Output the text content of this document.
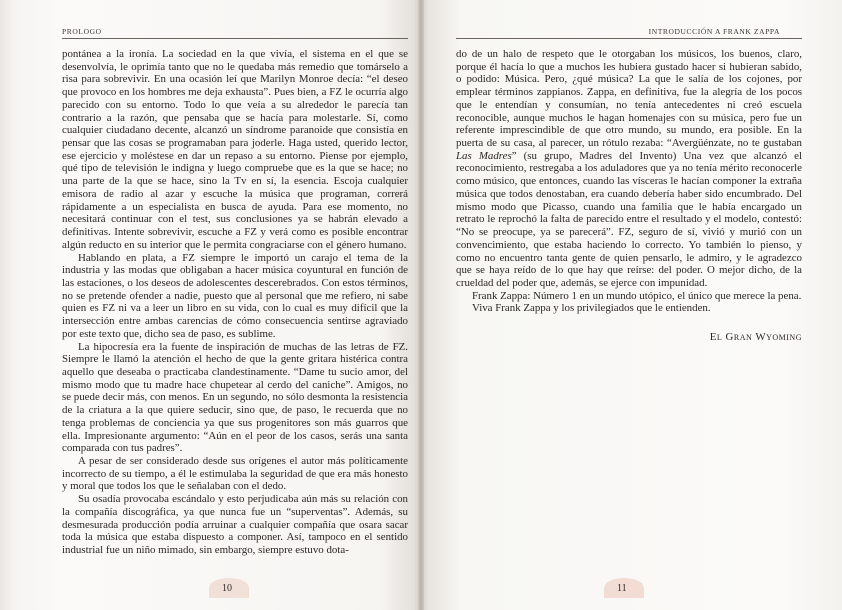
PROLOGO

pontánea a la ironía. La sociedad en la que vivía, el sistema en el que se desenvolvía, le oprimía tanto que no le quedaba más remedio que tomárselo a risa para sobrevivir. En una ocasión leí que Marilyn Monroe decía: “el deseo que provoco en los hombres me deja exhausta”. Pues bien, a FZ le ocurría algo parecido con su entorno. Todo lo que veía a su alrededor le parecía tan contrario a la razón, que pensaba que se hacía para molestarle. Sí, como cualquier ciudadano decente, alcanzó un síndrome paranoide que consistía en pensar que las cosas se programaban para joderle. Haga usted, querido lector, ese ejercicio y moléstese en dar un repaso a su entorno. Piense por ejemplo, qué tipo de televisión le indigna y luego compruebe que es la que se hace; no una parte de la que se hace, sino la Tv en sí, la esencia. Escoja cualquier emisora de radio al azar y escuche la música que programan, correrá rápidamente a un especialista en busca de ayuda. Para ese momento, no necesitará continuar con el test, sus conclusiones ya se habrán elevado a definitivas. Intente sobrevivir, escuche a FZ y verá como es posible encontrar algún reducto en su interior que le permita congraciarse con el género humano.

Hablando en plata, a FZ siempre le importó un carajo el tema de la industria y las modas que obligaban a hacer música coyuntural en función de las estaciones, o los deseos de adolescentes descerebrados. Con estos términos, no se pretende ofender a nadie, puesto que al personal que me refiero, ni sabe quien es FZ ni va a leer un libro en su vida, con lo cual es muy difícil que la intersección entre ambas carencias de cómo consecuencia sentirse agraviado por este texto que, dicho sea de paso, es sublime.

La hipocresía era la fuente de inspiración de muchas de las letras de FZ. Siempre le llamó la atención el hecho de que la gente gritara histérica contra aquello que deseaba o practicaba clandestinamente. “Dame tu sucio amor, del mismo modo que tu madre hace chupetear al cerdo del caniche”. Amigos, no se puede decir más, con menos. En un segundo, no sólo desmonta la resistencia de la criatura a la que quiere seducir, sino que, de paso, le recuerda que no tenga problemas de conciencia ya que sus progenitores son más guarros que ella. Impresionante argumento: “Aún en el peor de los casos, serás una santa comparada con tus padres”.

A pesar de ser considerado desde sus orígenes el autor más políticamente incorrecto de su tiempo, a él le estimulaba la seguridad de que era más honesto y moral que todos los que le señalaban con el dedo.

Su osadía provocaba escándalo y esto perjudicaba aún más su relación con la compañía discográfica, ya que nunca fue un “superventas”. Además, su desmesurada producción podía arruinar a cualquier compañía que osara sacar toda la música que estaba dispuesto a componer. Así, tampoco en el sentido industrial fue un niño mimado, sin embargo, siempre estuvo dota-

10
INTRODUCCIÓN A FRANK ZAPPA

do de un halo de respeto que le otorgaban los músicos, los buenos, claro, porque él hacía lo que a muchos les hubiera gustado hacer si hubieran sabido, o podido: Música. Pero, ¿qué música? La que le salía de los cojones, por emplear términos zappianos. Zappa, en definitiva, fue la alegría de los pocos que le entendían y consumían, no tenía antecedentes ni creó escuela reconocible, aunque muchos le hagan homenajes con su música, pero fue un referente imprescindible de que otro mundo, su mundo, era posible. En la puerta de su casa, al parecer, un rótulo rezaba: “Avergüénzate, no te gustaban Las Madres” (su grupo, Madres del Invento) Una vez que alcanzó el reconocimiento, restregaba a los aduladores que ya no tenía mérito reconocerle como músico, que entonces, cuando las vísceras le hacían componer la extraña música que todos denostaban, era cuando debería haber sido encumbrado. Del mismo modo que Picasso, cuando una familia que le había encargado un retrato le reprochó la falta de parecido entre el resultado y el modelo, contestó: “No se preocupe, ya se parecerá”. FZ, seguro de sí, vivió y murió con un convencimiento, que estaba haciendo lo correcto. Yo también lo pienso, y como no encuentro tanta gente de quien pensarlo, le admiro, y le agradezco que se haya reído de lo que hay que reírse: del poder. O mejor dicho, de la crueldad del poder que, además, se ejerce con impunidad.

Frank Zappa: Número 1 en un mundo utópico, el único que merece la pena.

Viva Frank Zappa y los privilegiados que le entienden.

El Gran Wyoming

11
